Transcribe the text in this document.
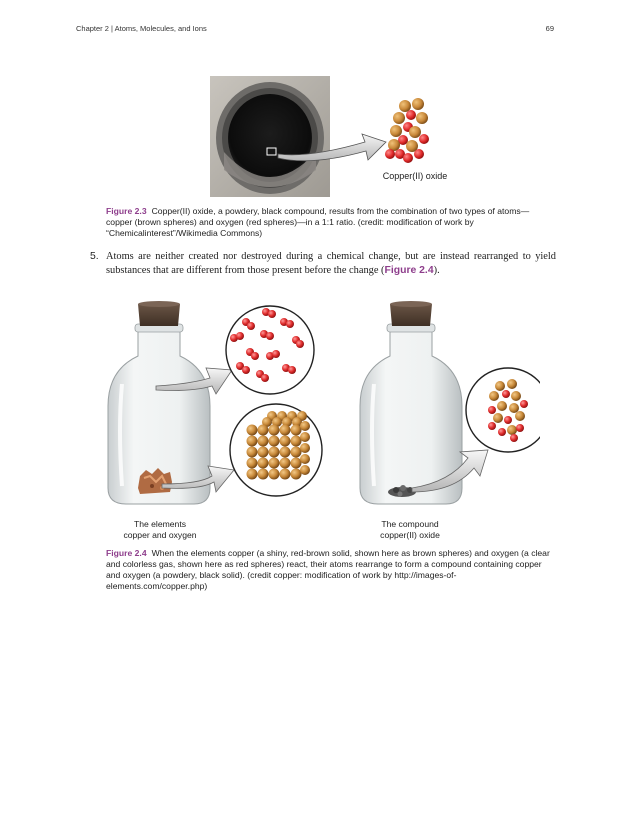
Chapter 2 | Atoms, Molecules, and Ions	69
Copper(II) oxide
Figure 2.3 Copper(II) oxide, a powdery, black compound, results from the combination of two types of atoms—copper (brown spheres) and oxygen (red spheres)—in a 1:1 ratio. (credit: modification of work by “Chemicalinterest”/Wikimedia Commons)
5. Atoms are neither created nor destroyed during a chemical change, but are instead rearranged to yield substances that are different from those present before the change (Figure 2.4).
The elements
copper and oxygen
The compound
copper(II) oxide
Figure 2.4 When the elements copper (a shiny, red-brown solid, shown here as brown spheres) and oxygen (a clear and colorless gas, shown here as red spheres) react, their atoms rearrange to form a compound containing copper and oxygen (a powdery, black solid). (credit copper: modification of work by http://images-of-elements.com/copper.php)
